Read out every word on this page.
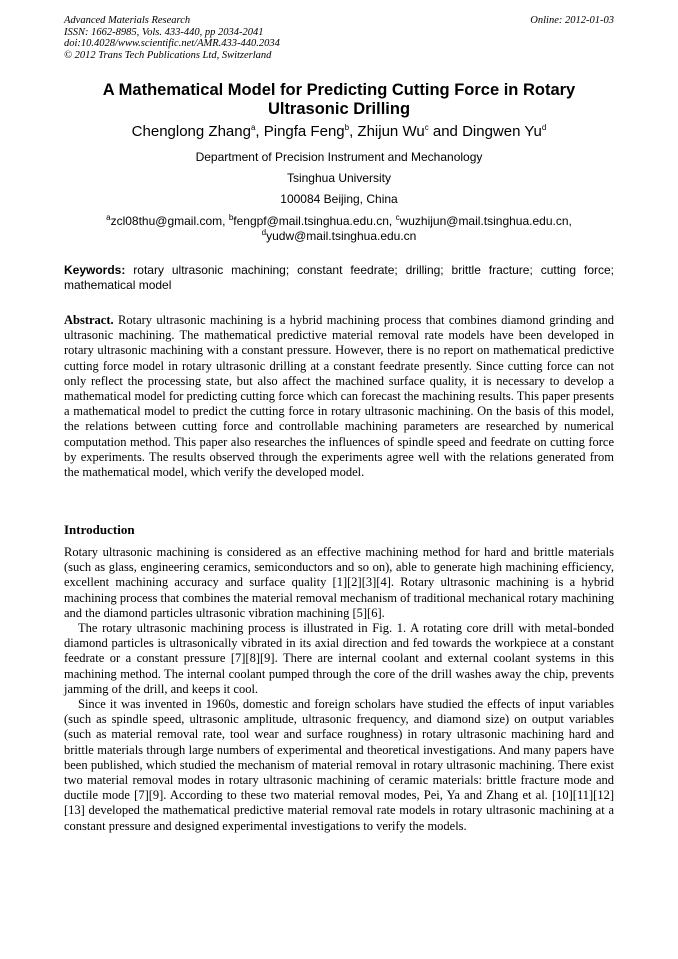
Advanced Materials Research
ISSN: 1662-8985, Vols. 433-440, pp 2034-2041
doi:10.4028/www.scientific.net/AMR.433-440.2034
© 2012 Trans Tech Publications Ltd, Switzerland
Online: 2012-01-03
A Mathematical Model for Predicting Cutting Force in Rotary Ultrasonic Drilling
Chenglong Zhang$^a$, Pingfa Feng$^b$, Zhijun Wu$^c$ and Dingwen Yu$^d$
Department of Precision Instrument and Mechanology
Tsinghua University
100084 Beijing, China
$^a$zcl08thu@gmail.com, $^b$fengpf@mail.tsinghua.edu.cn, $^c$wuzhijun@mail.tsinghua.edu.cn,
$^d$yudw@mail.tsinghua.edu.cn
Keywords: rotary ultrasonic machining; constant feedrate; drilling; brittle fracture; cutting force; mathematical model

Abstract. Rotary ultrasonic machining is a hybrid machining process that combines diamond grinding and ultrasonic machining. The mathematical predictive material removal rate models have been developed in rotary ultrasonic machining with a constant pressure. However, there is no report on mathematical predictive cutting force model in rotary ultrasonic drilling at a constant feedrate presently. Since cutting force can not only reflect the processing state, but also affect the machined surface quality, it is necessary to develop a mathematical model for predicting cutting force which can forecast the machining results. This paper presents a mathematical model to predict the cutting force in rotary ultrasonic machining. On the basis of this model, the relations between cutting force and controllable machining parameters are researched by numerical computation method. This paper also researches the influences of spindle speed and feedrate on cutting force by experiments. The results observed through the experiments agree well with the relations generated from the mathematical model, which verify the developed model.

Introduction

Rotary ultrasonic machining is considered as an effective machining method for hard and brittle materials (such as glass, engineering ceramics, semiconductors and so on), able to generate high machining efficiency, excellent machining accuracy and surface quality [1][2][3][4]. Rotary ultrasonic machining is a hybrid machining process that combines the material removal mechanism of traditional mechanical rotary machining and the diamond particles ultrasonic vibration machining [5][6].

The rotary ultrasonic machining process is illustrated in Fig. 1. A rotating core drill with metal-bonded diamond particles is ultrasonically vibrated in its axial direction and fed towards the workpiece at a constant feedrate or a constant pressure [7][8][9]. There are internal coolant and external coolant systems in this machining method. The internal coolant pumped through the core of the drill washes away the chip, prevents jamming of the drill, and keeps it cool.

Since it was invented in 1960s, domestic and foreign scholars have studied the effects of input variables (such as spindle speed, ultrasonic amplitude, ultrasonic frequency, and diamond size) on output variables (such as material removal rate, tool wear and surface roughness) in rotary ultrasonic machining hard and brittle materials through large numbers of experimental and theoretical investigations. And many papers have been published, which studied the mechanism of material removal in rotary ultrasonic machining. There exist two material removal modes in rotary ultrasonic machining of ceramic materials: brittle fracture mode and ductile mode [7][9]. According to these two material removal modes, Pei, Ya and Zhang et al. [10][11][12][13] developed the mathematical predictive material removal rate models in rotary ultrasonic machining at a constant pressure and designed experimental investigations to verify the models.
